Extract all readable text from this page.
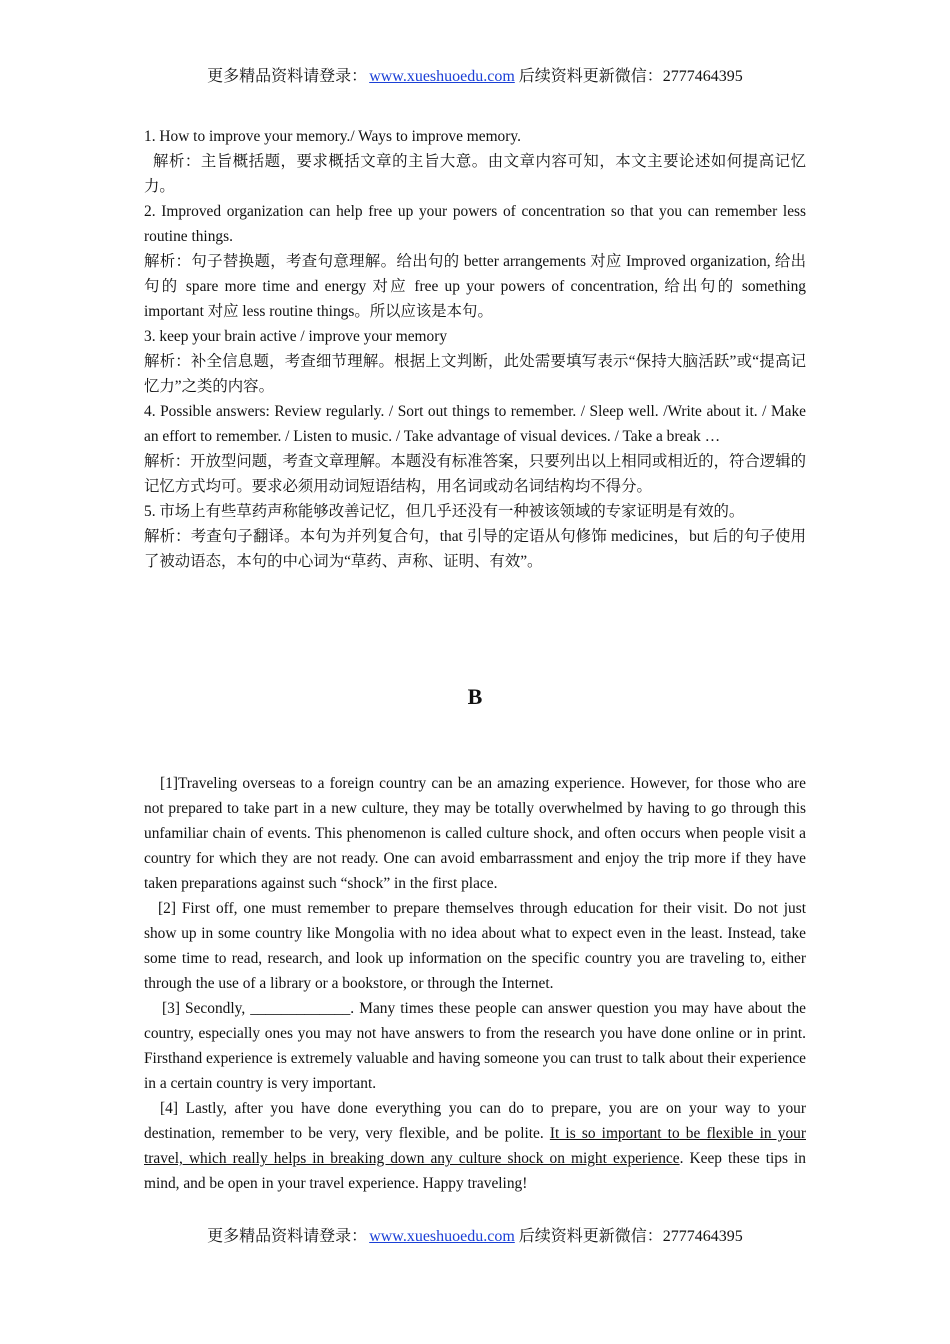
更多精品资料请登录： www.xueshuoedu.com 后续资料更新微信：2777464395

1. How to improve your memory./ Ways to improve memory.

解析：主旨概括题，要求概括文章的主旨大意。由文章内容可知，本文主要论述如何提高记忆力。

2. Improved organization can help free up your powers of concentration so that you can remember less routine things.

解析：句子替换题，考查句意理解。给出句的 better arrangements 对应 Improved organization, 给出句的 spare more time and energy 对应 free up your powers of concentration, 给出句的 something important 对应 less routine things。所以应该是本句。

3. keep your brain active / improve your memory

解析：补全信息题，考查细节理解。根据上文判断，此处需要填写表示“保持大脑活跃”或“提高记忆力”之类的内容。

4. Possible answers: Review regularly. / Sort out things to remember. / Sleep well. /Write about it. / Make an effort to remember. / Listen to music. / Take advantage of visual devices. / Take a break …

解析：开放型问题，考查文章理解。本题没有标准答案，只要列出以上相同或相近的，符合逻辑的记忆方式均可。要求必须用动词短语结构，用名词或动名词结构均不得分。

5. 市场上有些草药声称能够改善记忆，但几乎还没有一种被该领域的专家证明是有效的。

解析：考查句子翻译。本句为并列复合句，that 引导的定语从句修饰 medicines，but 后的句子使用了被动语态，本句的中心词为“草药、声称、证明、有效”。

B

[1]Traveling overseas to a foreign country can be an amazing experience. However, for those who are not prepared to take part in a new culture, they may be totally overwhelmed by having to go through this unfamiliar chain of events. This phenomenon is called culture shock, and often occurs when people visit a country for which they are not ready. One can avoid embarrassment and enjoy the trip more if they have taken preparations against such “shock” in the first place.

[2] First off, one must remember to prepare themselves through education for their visit. Do not just show up in some country like Mongolia with no idea about what to expect even in the least. Instead, take some time to read, research, and look up information on the specific country you are traveling to, either through the use of a library or a bookstore, or through the Internet.

[3] Secondly, _____________. Many times these people can answer question you may have about the country, especially ones you may not have answers to from the research you have done online or in print. Firsthand experience is extremely valuable and having someone you can trust to talk about their experience in a certain country is very important.

[4] Lastly, after you have done everything you can do to prepare, you are on your way to your destination, remember to be very, very flexible, and be polite. It is so important to be flexible in your travel, which really helps in breaking down any culture shock on might experience. Keep these tips in mind, and be open in your travel experience. Happy traveling!

更多精品资料请登录： www.xueshuoedu.com 后续资料更新微信：2777464395
